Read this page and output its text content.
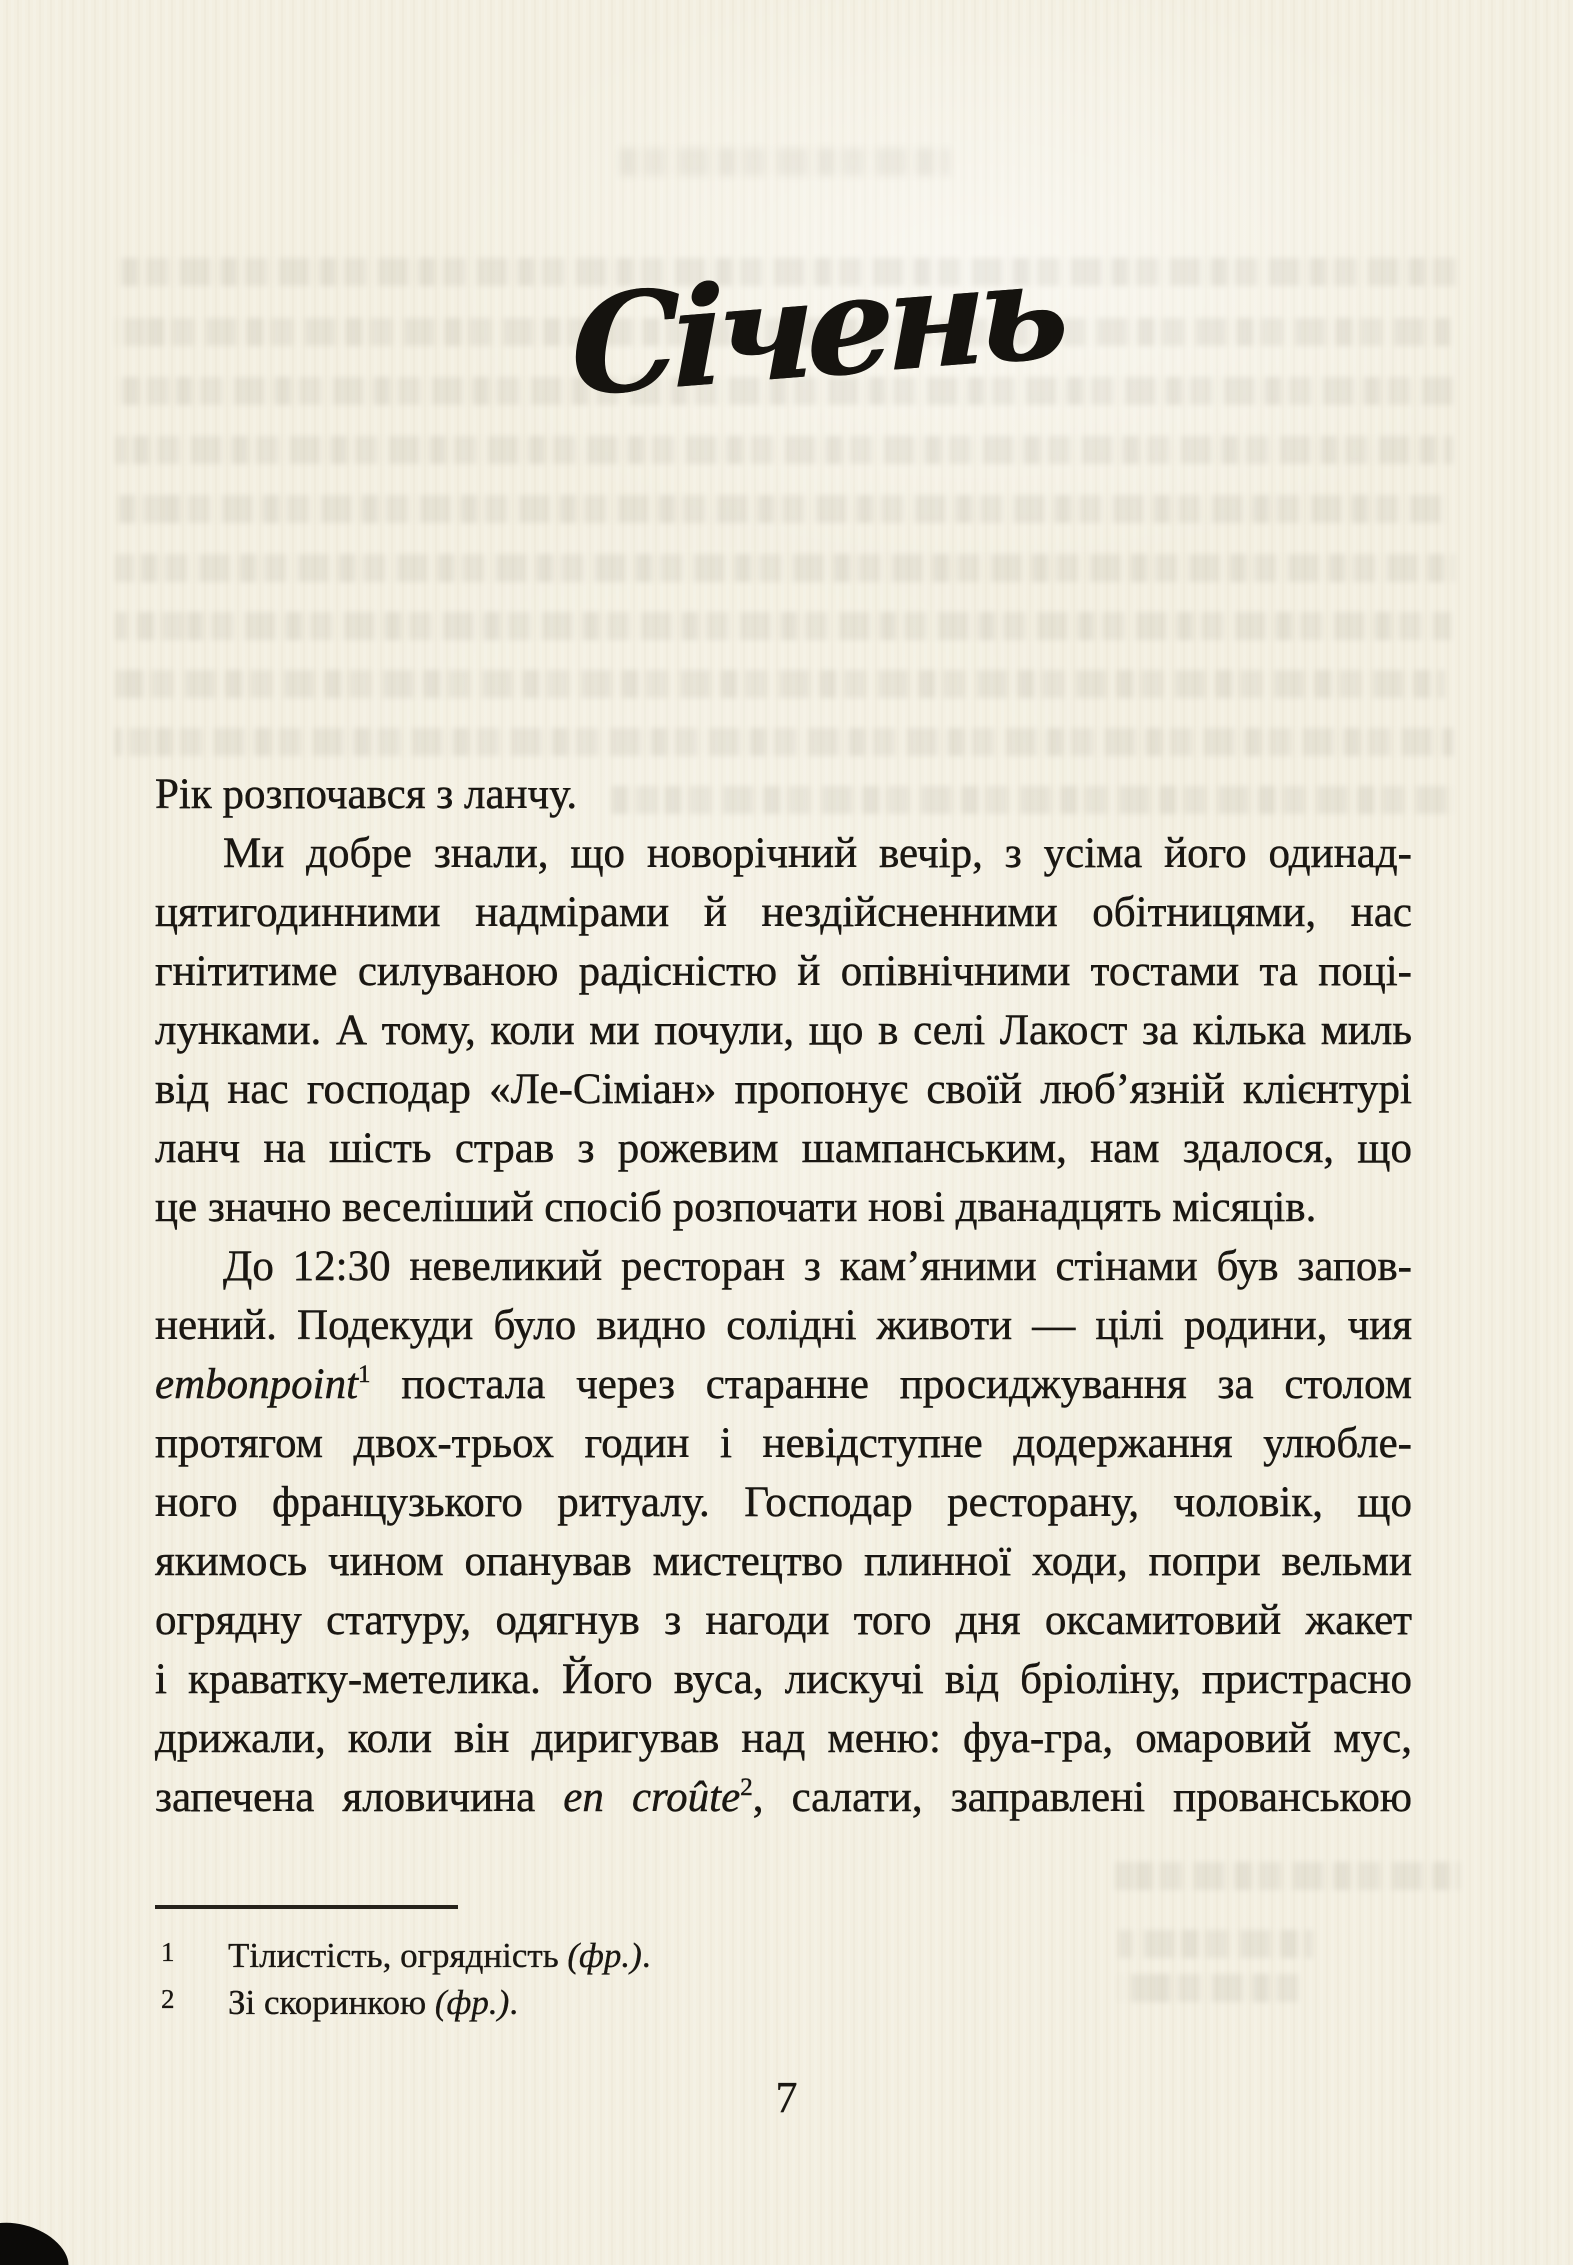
Січень
Рік розпочався з ланчу.
Ми добре знали, що новорічний вечір, з усіма його одинад-
цятигодинними надмірами й нездійсненними обітницями, нас
гнітитиме силуваною радісністю й опівнічними тостами та поці-
лунками. А тому, коли ми почули, що в селі Лакост за кілька миль
від нас господар «Ле-Сіміан» пропонує своїй люб’язній клієнтурі
ланч на шість страв з рожевим шампанським, нам здалося, що
це значно веселіший спосіб розпочати нові дванадцять місяців.
До 12:30 невеликий ресторан з кам’яними стінами був запов-
нений. Подекуди було видно солідні животи — цілі родини, чия
embonpoint$^1$ постала через старанне просиджування за столом
протягом двох-трьох годин і невідступне додержання улюбле-
ного французького ритуалу. Господар ресторану, чоловік, що
якимось чином опанував мистецтво плинної ходи, попри вельми
огрядну статуру, одягнув з нагоди того дня оксамитовий жакет
і краватку-метелика. Його вуса, лискучі від бріоліну, пристрасно
дрижали, коли він диригував над меню: фуа-гра, омаровий мус,
запечена яловичина en croûte$^2$, салати, заправлені прованською
1	Тілистість, огрядність (фр.).
2	Зі скоринкою (фр.).
7
